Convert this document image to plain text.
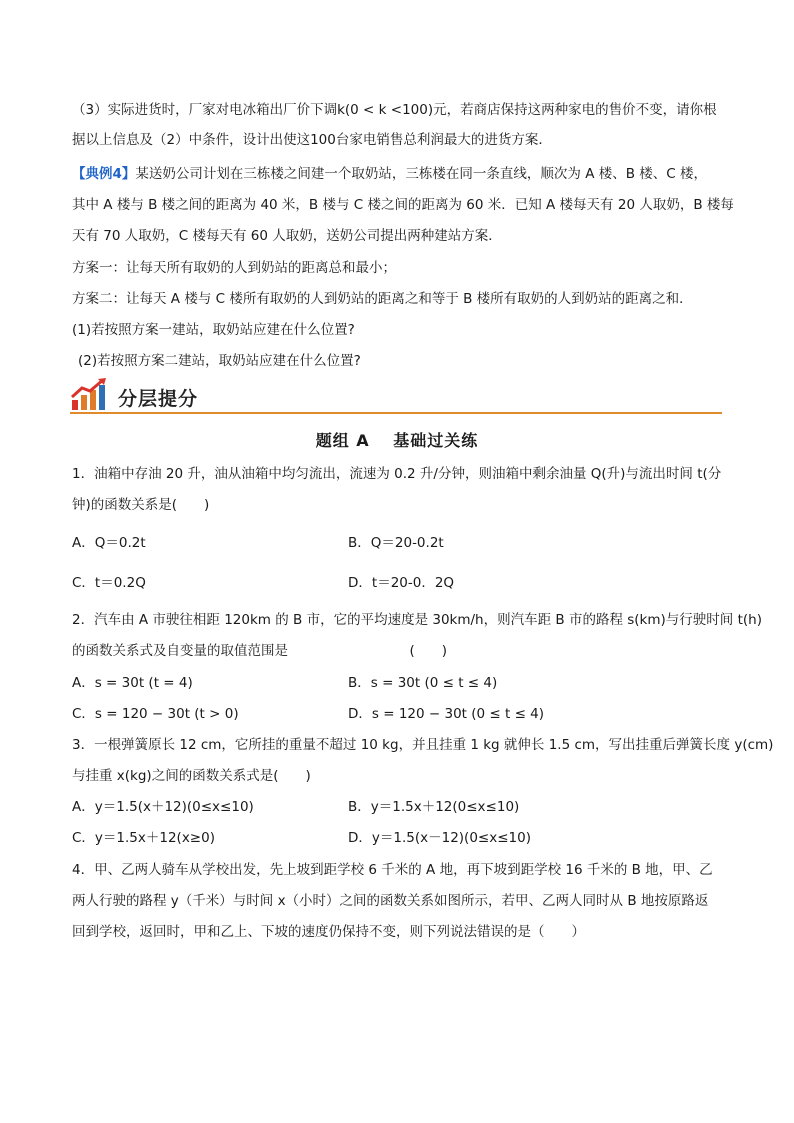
（3）实际进货时，厂家对电冰箱出厂价下调k(0 < k <100)元，若商店保持这两种家电的售价不变，请你根
据以上信息及（2）中条件，设计出使这100台家电销售总利润最大的进货方案．
【典例4】某送奶公司计划在三栋楼之间建一个取奶站，三栋楼在同一条直线，顺次为 A 楼、B 楼、C 楼，
其中 A 楼与 B 楼之间的距离为 40 米，B 楼与 C 楼之间的距离为 60 米．已知 A 楼每天有 20 人取奶，B 楼每
天有 70 人取奶，C 楼每天有 60 人取奶，送奶公司提出两种建站方案．
方案一：让每天所有取奶的人到奶站的距离总和最小；
方案二：让每天 A 楼与 C 楼所有取奶的人到奶站的距离之和等于 B 楼所有取奶的人到奶站的距离之和．
(1)若按照方案一建站，取奶站应建在什么位置?
(2)若按照方案二建站，取奶站应建在什么位置?
分层提分
题组 A　 基础过关练
1．油箱中存油 20 升，油从油箱中均匀流出，流速为 0.2 升/分钟，则油箱中剩余油量 Q(升)与流出时间 t(分
钟)的函数关系是(　　)
A．Q＝0.2t	B．Q＝20-0.2t
C．t＝0.2Q	D．t＝20-0．2Q
2．汽车由 A 市驶往相距 120km 的 B 市，它的平均速度是 30km/h，则汽车距 B 市的路程 s(km)与行驶时间 t(h)
的函数关系式及自变量的取值范围是　　　　　　　　　(　　)
A．s = 30t (t = 4)	B．s = 30t (0 ≤ t ≤ 4)
C．s = 120 − 30t (t > 0)	D．s = 120 − 30t (0 ≤ t ≤ 4)
3．一根弹簧原长 12 cm，它所挂的重量不超过 10 kg，并且挂重 1 kg 就伸长 1.5 cm，写出挂重后弹簧长度 y(cm)
与挂重 x(kg)之间的函数关系式是(　　)
A．y＝1.5(x＋12)(0≤x≤10)	B．y＝1.5x＋12(0≤x≤10)
C．y＝1.5x＋12(x≥0)	D．y＝1.5(x－12)(0≤x≤10)
4．甲、乙两人骑车从学校出发，先上坡到距学校 6 千米的 A 地，再下坡到距学校 16 千米的 B 地，甲、乙
两人行驶的路程 y（千米）与时间 x（小时）之间的函数关系如图所示，若甲、乙两人同时从 B 地按原路返
回到学校，返回时，甲和乙上、下坡的速度仍保持不变，则下列说法错误的是（　　）
